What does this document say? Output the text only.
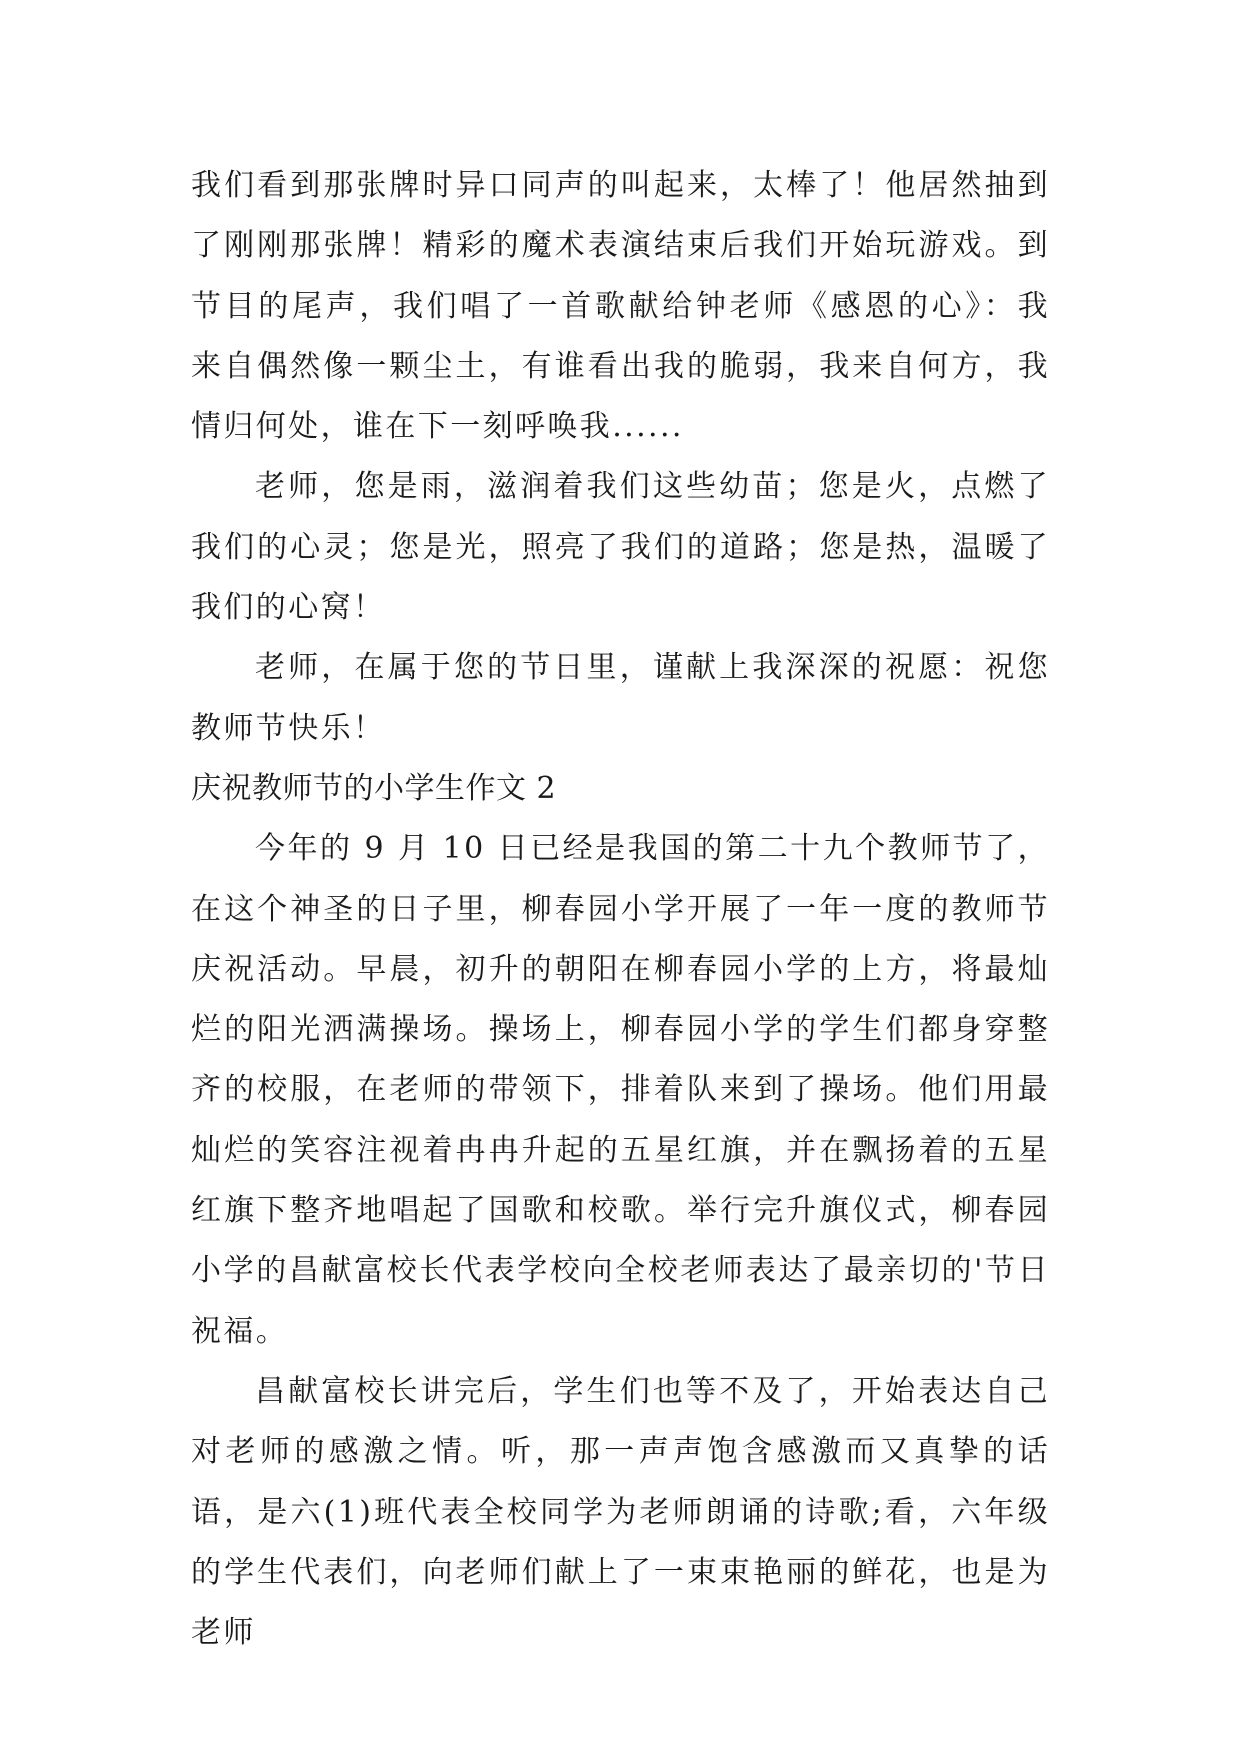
我们看到那张牌时异口同声的叫起来，太棒了！他居然抽到了刚刚那张牌！精彩的魔术表演结束后我们开始玩游戏。到节目的尾声，我们唱了一首歌献给钟老师《感恩的心》：我来自偶然像一颗尘土，有谁看出我的脆弱，我来自何方，我情归何处，谁在下一刻呼唤我......

老师，您是雨，滋润着我们这些幼苗；您是火，点燃了我们的心灵；您是光，照亮了我们的道路；您是热，温暖了我们的心窝！

老师，在属于您的节日里，谨献上我深深的祝愿：祝您教师节快乐！

庆祝教师节的小学生作文 2

今年的 9 月 10 日已经是我国的第二十九个教师节了，在这个神圣的日子里，柳春园小学开展了一年一度的教师节庆祝活动。早晨，初升的朝阳在柳春园小学的上方，将最灿烂的阳光洒满操场。操场上，柳春园小学的学生们都身穿整齐的校服，在老师的带领下，排着队来到了操场。他们用最灿烂的笑容注视着冉冉升起的五星红旗，并在飘扬着的五星红旗下整齐地唱起了国歌和校歌。举行完升旗仪式，柳春园小学的昌献富校长代表学校向全校老师表达了最亲切的'节日祝福。

昌献富校长讲完后，学生们也等不及了，开始表达自己对老师的感激之情。听，那一声声饱含感激而又真挚的话语，是六(1)班代表全校同学为老师朗诵的诗歌;看，六年级的学生代表们，向老师们献上了一束束艳丽的鲜花，也是为老师
